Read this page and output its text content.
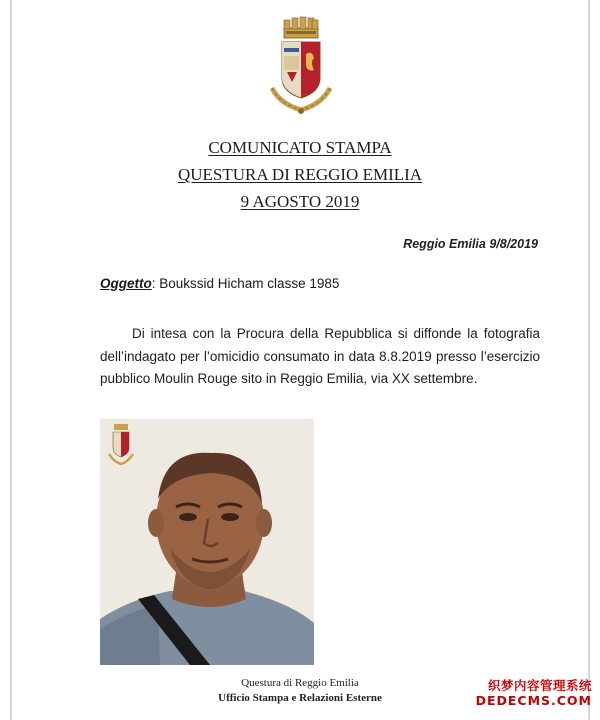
COMUNICATO STAMPA
QUESTURA DI REGGIO EMILIA
9 AGOSTO 2019
Reggio Emilia 9/8/2019
Oggetto: Boukssid Hicham classe 1985
Di intesa con la Procura della Repubblica si diffonde la fotografia dell’indagato per l’omicidio consumato in data 8.8.2019 presso l’esercizio pubblico Moulin Rouge sito in Reggio Emilia, via XX settembre.
Questura di Reggio Emilia
Ufficio Stampa e Relazioni Esterne
织梦内容管理系统
DEDECMS.COM
